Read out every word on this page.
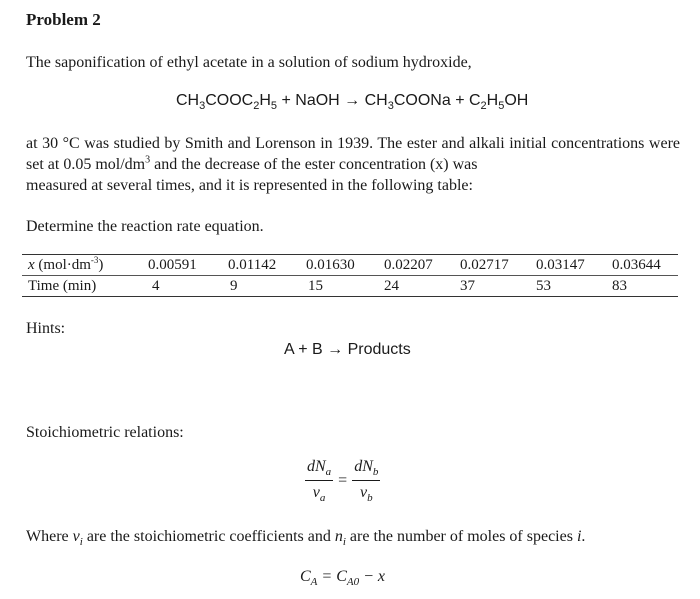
Problem 2
The saponification of ethyl acetate in a solution of sodium hydroxide,
$CH_3COOC_2H_5$ + NaOH → $CH_3COONa + C_2H_5OH$
at 30 °C was studied by Smith and Lorenson in 1939. The ester and alkali initial concentrations were set at 0.05 mol/$dm^3$ and the decrease of the ester concentration (x) was
measured at several times, and it is represented in the following table:
Determine the reaction rate equation.
x $(mol\cdot dm^{-3})$	0.00591	0.01142	0.01630	0.02207	0.02717	0.03147	0.03644
Time (min)	4	9	15	24	37	53	83
Hints:
A + B → Products
Stoichiometric relations:
$\frac{dN_a}{\nu_a} = \frac{dN_b}{\nu_b}$
Where $\nu_i$ are the stoichiometric coefficients and $n_i$ are the number of moles of species i.
$C_A = C_{A0} - x$
